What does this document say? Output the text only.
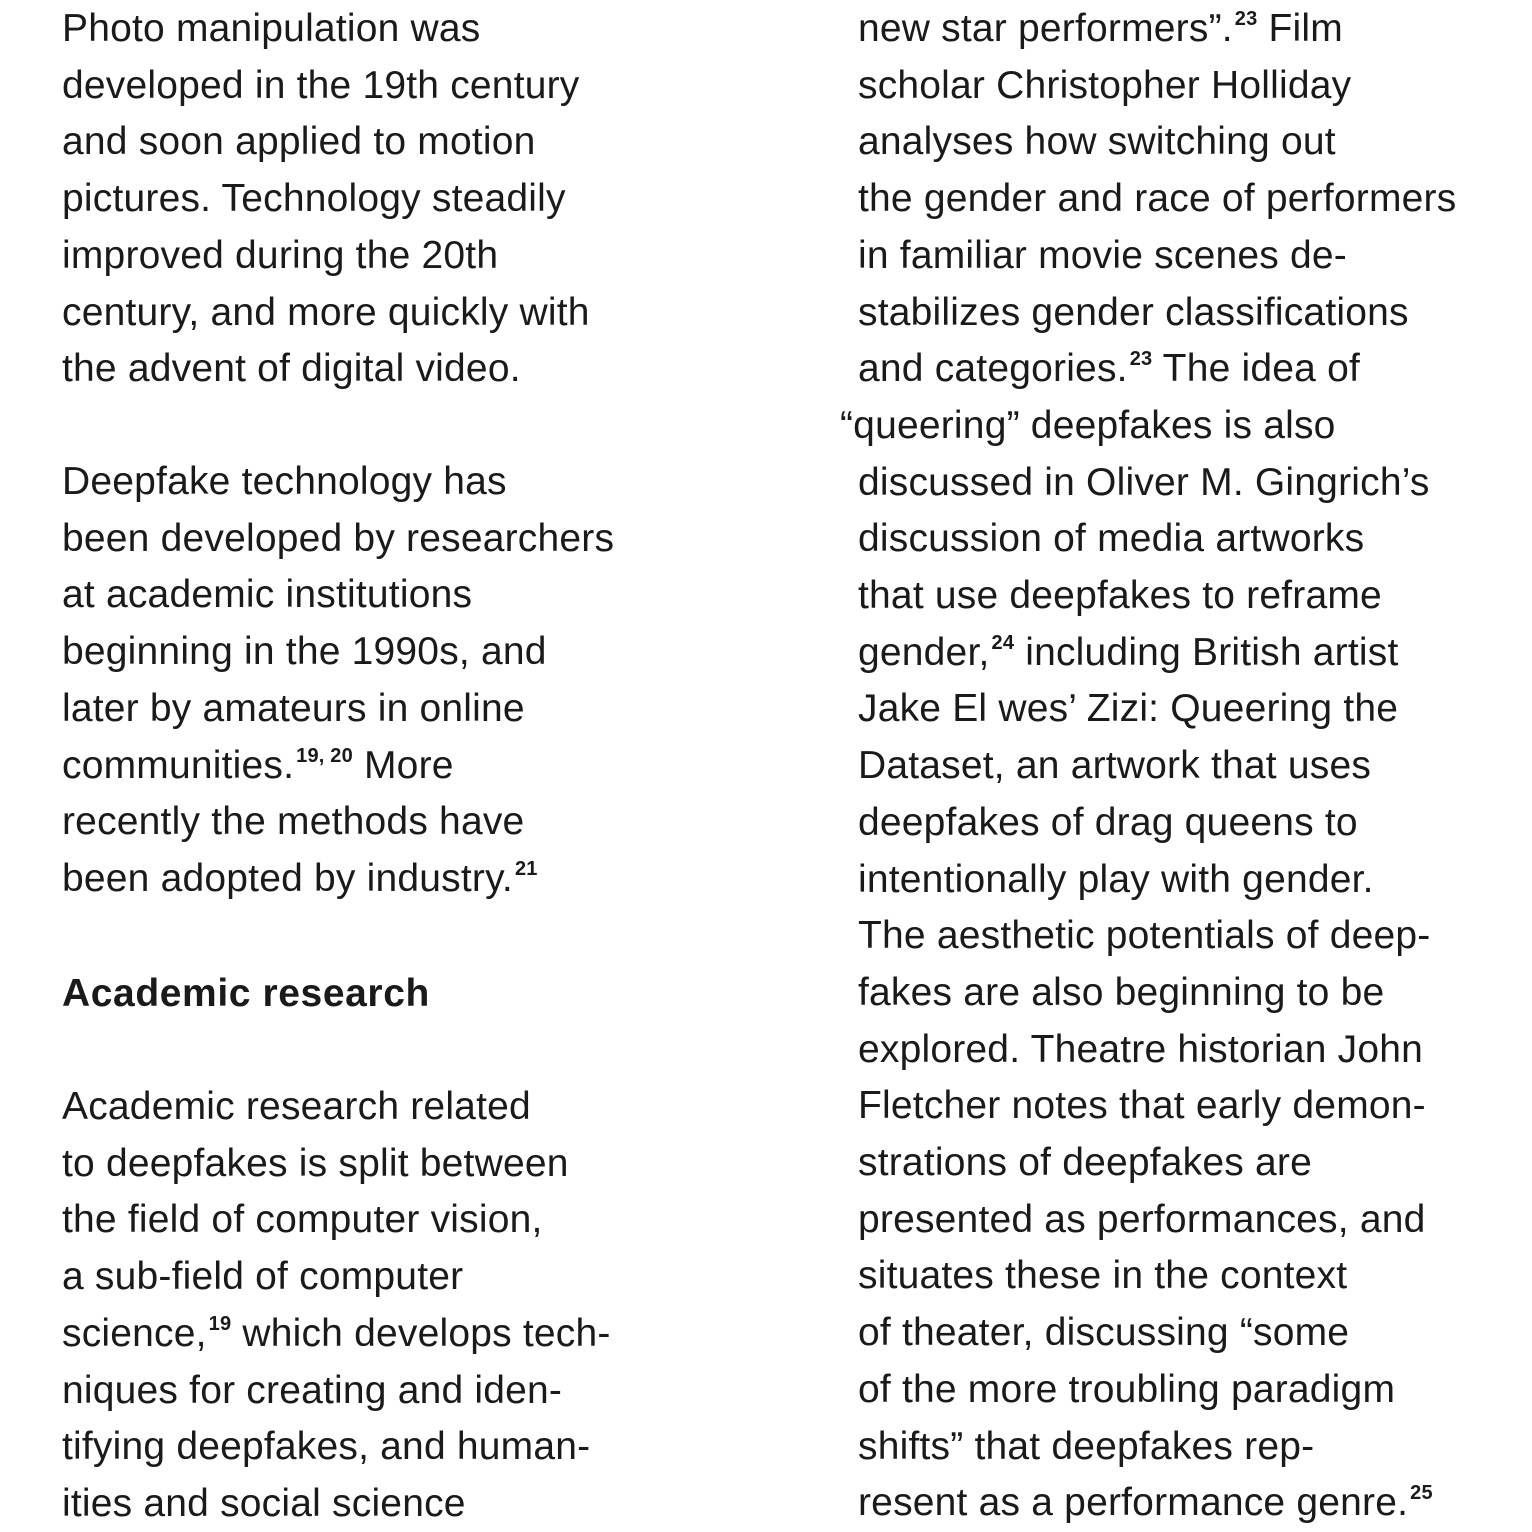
Photo manipulation was
developed in the 19th century
and soon applied to motion
pictures. Technology steadily
improved during the 20th
century, and more quickly with
the advent of digital video.
Deepfake technology has
been developed by researchers
at academic institutions
beginning in the 1990s, and
later by amateurs in online
communities. $^{19, 20}$ More
recently the methods have
been adopted by industry. $^{21}$
Academic research
Academic research related
to deepfakes is split between
the field of computer vision,
a sub-field of computer
science, $^{19}$ which develops tech-
niques for creating and iden-
tifying deepfakes, and human-
ities and social science
new star performers”. $^{23}$ Film
scholar Christopher Holliday
analyses how switching out
the gender and race of performers
in familiar movie scenes de-
stabilizes gender classifications
and categories. $^{23}$ The idea of
“queering” deepfakes is also
discussed in Oliver M. Gingrich’s
discussion of media artworks
that use deepfakes to reframe
gender, $^{24}$ including British artist
Jake El wes’ Zizi: Queering the
Dataset, an artwork that uses
deepfakes of drag queens to
intentionally play with gender.
The aesthetic potentials of deep-
fakes are also beginning to be
explored. Theatre historian John
Fletcher notes that early demon-
strations of deepfakes are
presented as performances, and
situates these in the context
of theater, discussing “some
of the more troubling paradigm
shifts” that deepfakes rep-
resent as a performance genre. $^{25}$
